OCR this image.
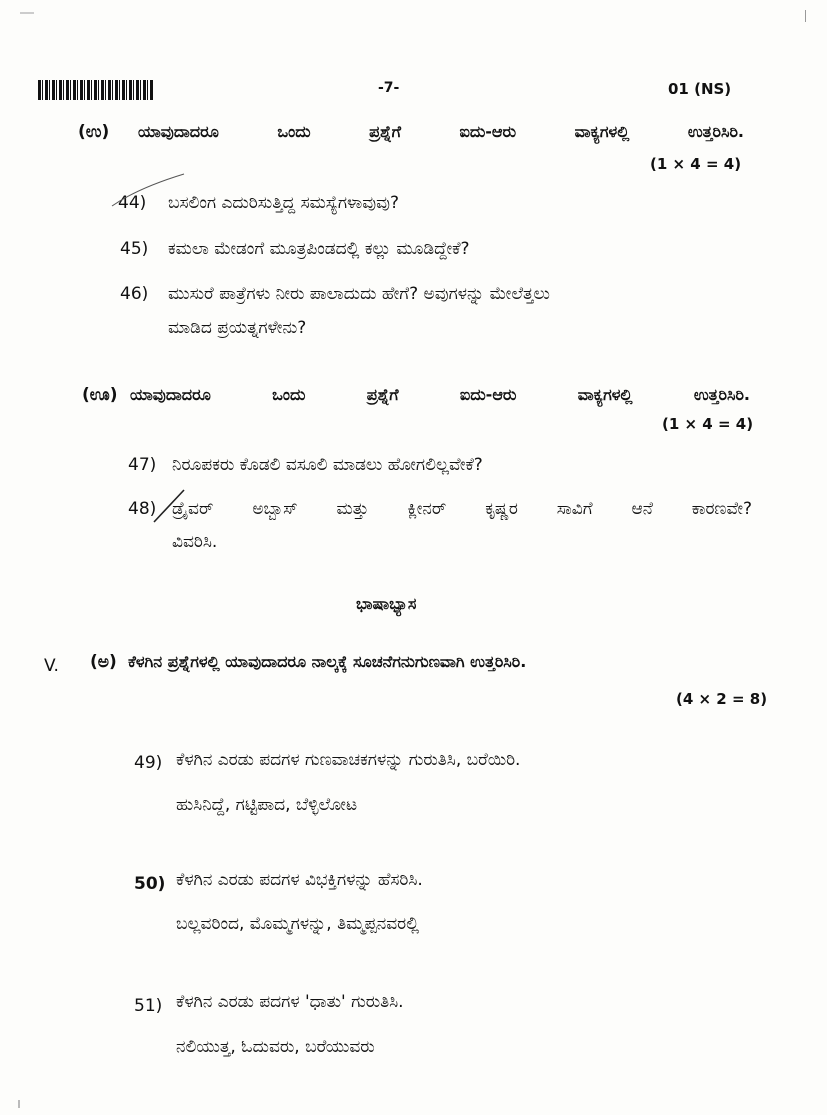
-7-	01 (NS)
(ಉ) ಯಾವುದಾದರೂ ಒಂದು ಪ್ರಶ್ನೆಗೆ ಐದು-ಆರು ವಾಕ್ಯಗಳಲ್ಲಿ ಉತ್ತರಿಸಿರಿ.
(1 × 4 = 4)
44) ಬಸಲಿಂಗ ಎದುರಿಸುತ್ತಿದ್ದ ಸಮಸ್ಯೆಗಳಾವುವು?
45) ಕಮಲಾ ಮೇಡಂಗೆ ಮೂತ್ರಪಿಂಡದಲ್ಲಿ ಕಲ್ಲು ಮೂಡಿದ್ದೇಕೆ?
46) ಮುಸುರೆ ಪಾತ್ರೆಗಳು ನೀರು ಪಾಲಾದುದು ಹೇಗೆ? ಅವುಗಳನ್ನು ಮೇಲೆತ್ತಲು
ಮಾಡಿದ ಪ್ರಯತ್ನಗಳೇನು?
(ಊ) ಯಾವುದಾದರೂ ಒಂದು ಪ್ರಶ್ನೆಗೆ ಐದು-ಆರು ವಾಕ್ಯಗಳಲ್ಲಿ ಉತ್ತರಿಸಿರಿ.
(1 × 4 = 4)
47) ನಿರೂಪಕರು ಕೊಡಲಿ ವಸೂಲಿ ಮಾಡಲು ಹೋಗಲಿಲ್ಲವೇಕೆ?
48) ಡ್ರೈವರ್ ಅಬ್ಬಾಸ್ ಮತ್ತು ಕ್ಲೀನರ್ ಕೃಷ್ಣರ ಸಾವಿಗೆ ಆನೆ ಕಾರಣವೇ?
ವಿವರಿಸಿ.
ಭಾಷಾಭ್ಯಾಸ
V. (ಅ) ಕೆಳಗಿನ ಪ್ರಶ್ನೆಗಳಲ್ಲಿ ಯಾವುದಾದರೂ ನಾಲ್ಕಕ್ಕೆ ಸೂಚನೆಗನುಗುಣವಾಗಿ ಉತ್ತರಿಸಿರಿ.
(4 × 2 = 8)
49) ಕೆಳಗಿನ ಎರಡು ಪದಗಳ ಗುಣವಾಚಕಗಳನ್ನು ಗುರುತಿಸಿ, ಬರೆಯಿರಿ.
ಹುಸಿನಿದ್ದೆ, ಗಟ್ಟಿಪಾದ, ಬೆಳ್ಳಿಲೋಟ
50) ಕೆಳಗಿನ ಎರಡು ಪದಗಳ ವಿಭಕ್ತಿಗಳನ್ನು ಹೆಸರಿಸಿ.
ಬಲ್ಲವರಿಂದ, ಮೊಮ್ಮಗಳನ್ನು, ತಿಮ್ಮಪ್ಪನವರಲ್ಲಿ
51) ಕೆಳಗಿನ ಎರಡು ಪದಗಳ 'ಧಾತು' ಗುರುತಿಸಿ.
ನಲಿಯುತ್ತ, ಓದುವರು, ಬರೆಯುವರು
